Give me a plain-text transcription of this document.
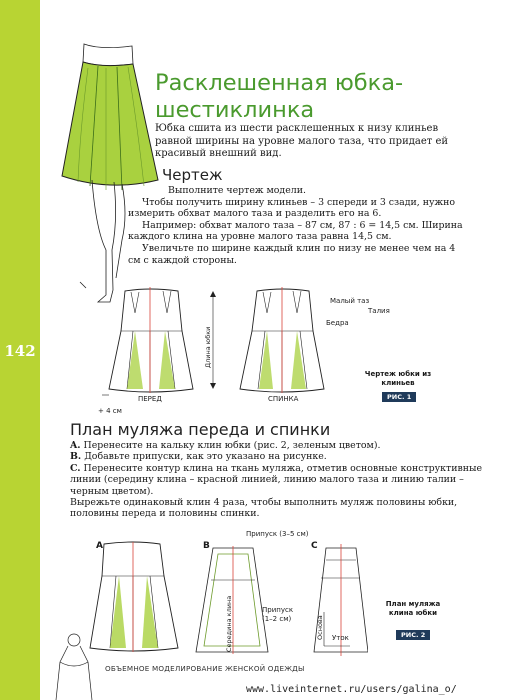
142
Расклешенная юбка-
шестиклинка
Юбка сшита из шести расклешенных к низу клиньев равной ширины на уровне малого таза, что придает ей красивый внешний вид.
Чертеж

Выполните чертеж модели.

Чтобы получить ширину клиньев – 3 спереди и 3 сзади, нужно измерить обхват малого таза и разделить его на 6.

Например: обхват малого таза – 87 см, 87 : 6 = 14,5 см. Ширина каждого клина на уровне малого таза равна 14,5 см.

Увеличьте по ширине каждый клин по низу не менее чем на 4 см с каждой стороны.

Длина юбки
Малый таз
Талия
Бедра
+ 4 см
ПЕРЕД	СПИНКА
Чертеж юбки из клиньев
РИС. 1
План муляжа переда и спинки

A. Перенесите на кальку клин юбки (рис. 2, зеленым цветом).

B. Добавьте припуски, как это указано на рисунке.

C. Перенесите контур клина на ткань муляжа, отметив основные конструктивные линии (середину клина – красной линией, линию малого таза и линию талии – черным цветом).

Вырежьте одинаковый клин 4 раза, чтобы выполнить муляж половины юбки, половины переда и половины спинки.

A	B	C
Припуск (3–5 см)
Припуск (1–2 см)
Середина клина	Основа Уток
План муляжа клина юбки
РИС. 2
ОБЪЕМНОЕ МОДЕЛИРОВАНИЕ ЖЕНСКОЙ ОДЕЖДЫ
www.liveinternet.ru/users/galina_o/
